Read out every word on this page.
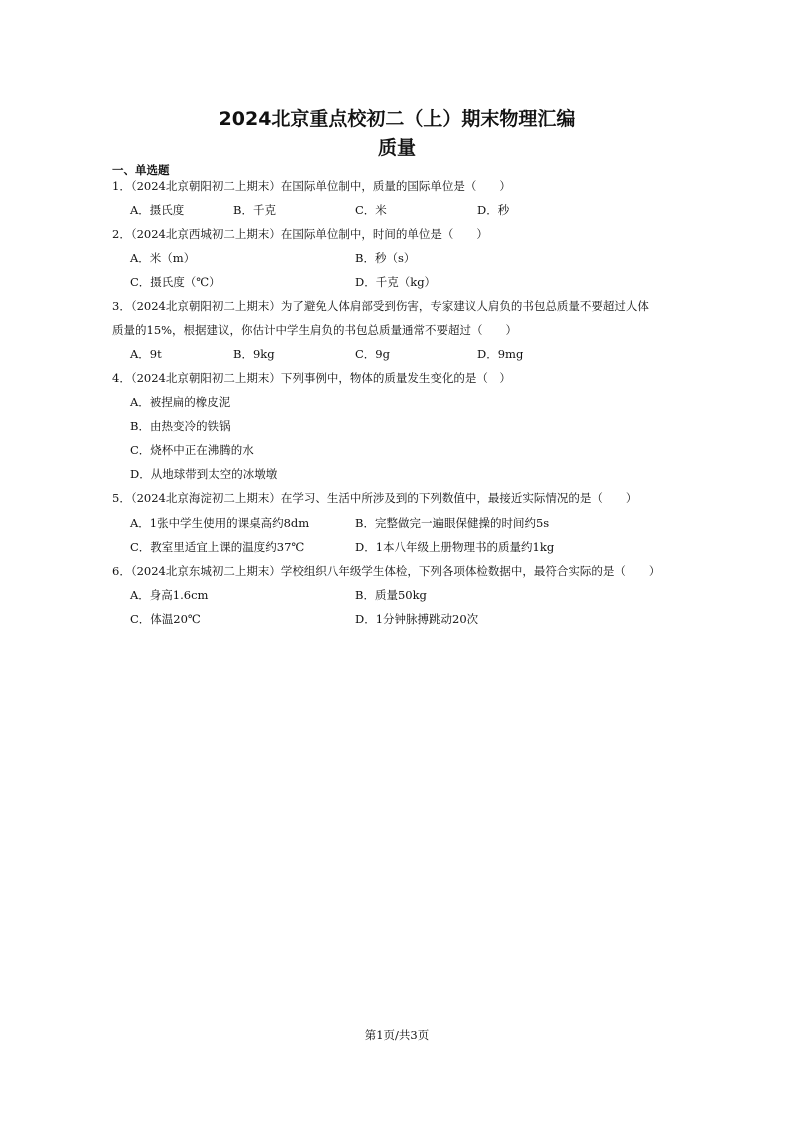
2024北京重点校初二（上）期末物理汇编
质量
一、单选题
1．（2024北京朝阳初二上期末）在国际单位制中，质量的国际单位是（　　）
A．摄氏度	B．千克	C．米	D．秒
2．（2024北京西城初二上期末）在国际单位制中，时间的单位是（　　）
A．米（m）	B．秒（s）
C．摄氏度（℃）	D．千克（kg）
3．（2024北京朝阳初二上期末）为了避免人体肩部受到伤害，专家建议人肩负的书包总质量不要超过人体
质量的15%，根据建议，你估计中学生肩负的书包总质量通常不要超过（　　）
A．9t	B．9kg	C．9g	D．9mg
4．（2024北京朝阳初二上期末）下列事例中，物体的质量发生变化的是（　）
A．被捏扁的橡皮泥
B．由热变冷的铁锅
C．烧杯中正在沸腾的水
D．从地球带到太空的冰墩墩
5．（2024北京海淀初二上期末）在学习、生活中所涉及到的下列数值中，最接近实际情况的是（　　）
A．1张中学生使用的课桌高约8dm	B．完整做完一遍眼保健操的时间约5s
C．教室里适宜上课的温度约37℃	D．1本八年级上册物理书的质量约1kg
6．（2024北京东城初二上期末）学校组织八年级学生体检，下列各项体检数据中，最符合实际的是（　　）
A．身高1.6cm	B．质量50kg
C．体温20℃	D．1分钟脉搏跳动20次
第1页/共3页
